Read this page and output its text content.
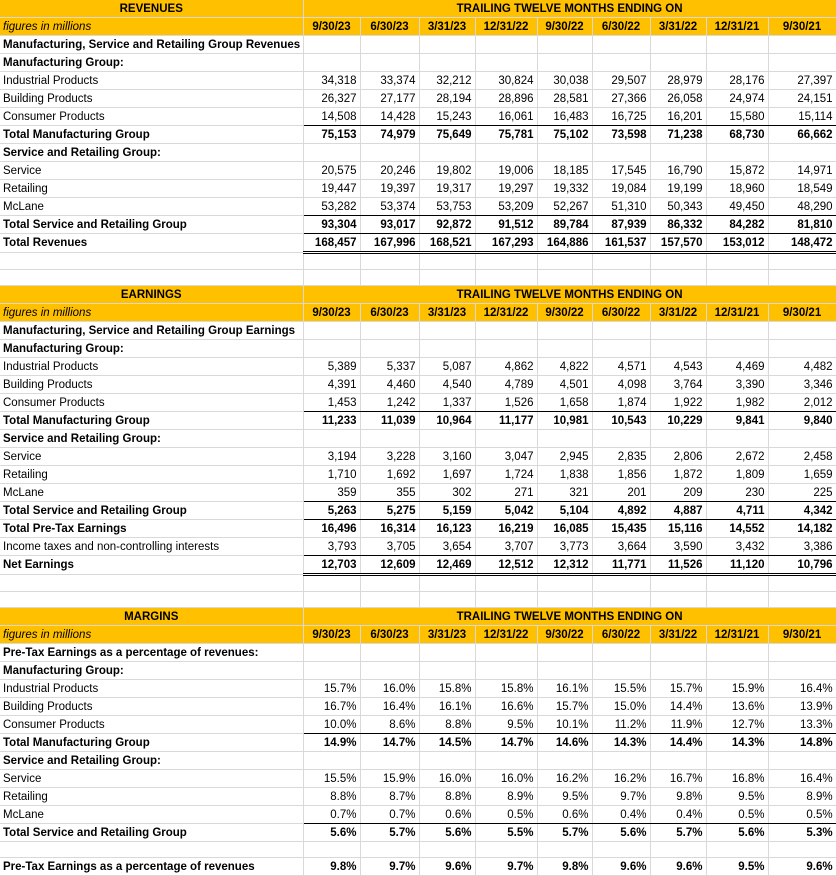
REVENUES	TRAILING TWELVE MONTHS ENDING ON								
figures in millions	9/30/23	6/30/23	3/31/23	12/31/22	9/30/22	6/30/22	3/31/22	12/31/21	9/30/21
Manufacturing, Service and Retailing Group Revenues									
Manufacturing Group:									
Industrial Products	34,318	33,374	32,212	30,824	30,038	29,507	28,979	28,176	27,397
Building Products	26,327	27,177	28,194	28,896	28,581	27,366	26,058	24,974	24,151
Consumer Products	14,508	14,428	15,243	16,061	16,483	16,725	16,201	15,580	15,114
Total Manufacturing Group	75,153	74,979	75,649	75,781	75,102	73,598	71,238	68,730	66,662
Service and Retailing Group:									
Service	20,575	20,246	19,802	19,006	18,185	17,545	16,790	15,872	14,971
Retailing	19,447	19,397	19,317	19,297	19,332	19,084	19,199	18,960	18,549
McLane	53,282	53,374	53,753	53,209	52,267	51,310	50,343	49,450	48,290
Total Service and Retailing Group	93,304	93,017	92,872	91,512	89,784	87,939	86,332	84,282	81,810
Total Revenues	168,457	167,996	168,521	167,293	164,886	161,537	157,570	153,012	148,472

EARNINGS	TRAILING TWELVE MONTHS ENDING ON								
figures in millions	9/30/23	6/30/23	3/31/23	12/31/22	9/30/22	6/30/22	3/31/22	12/31/21	9/30/21
Manufacturing, Service and Retailing Group Earnings									
Manufacturing Group:									
Industrial Products	5,389	5,337	5,087	4,862	4,822	4,571	4,543	4,469	4,482
Building Products	4,391	4,460	4,540	4,789	4,501	4,098	3,764	3,390	3,346
Consumer Products	1,453	1,242	1,337	1,526	1,658	1,874	1,922	1,982	2,012
Total Manufacturing Group	11,233	11,039	10,964	11,177	10,981	10,543	10,229	9,841	9,840
Service and Retailing Group:									
Service	3,194	3,228	3,160	3,047	2,945	2,835	2,806	2,672	2,458
Retailing	1,710	1,692	1,697	1,724	1,838	1,856	1,872	1,809	1,659
McLane	359	355	302	271	321	201	209	230	225
Total Service and Retailing Group	5,263	5,275	5,159	5,042	5,104	4,892	4,887	4,711	4,342
Total Pre-Tax Earnings	16,496	16,314	16,123	16,219	16,085	15,435	15,116	14,552	14,182
Income taxes and non-controlling interests	3,793	3,705	3,654	3,707	3,773	3,664	3,590	3,432	3,386
Net Earnings	12,703	12,609	12,469	12,512	12,312	11,771	11,526	11,120	10,796

MARGINS	TRAILING TWELVE MONTHS ENDING ON								
figures in millions	9/30/23	6/30/23	3/31/23	12/31/22	9/30/22	6/30/22	3/31/22	12/31/21	9/30/21
Pre-Tax Earnings as a percentage of revenues:									
Manufacturing Group:									
Industrial Products	15.7%	16.0%	15.8%	15.8%	16.1%	15.5%	15.7%	15.9%	16.4%
Building Products	16.7%	16.4%	16.1%	16.6%	15.7%	15.0%	14.4%	13.6%	13.9%
Consumer Products	10.0%	8.6%	8.8%	9.5%	10.1%	11.2%	11.9%	12.7%	13.3%
Total Manufacturing Group	14.9%	14.7%	14.5%	14.7%	14.6%	14.3%	14.4%	14.3%	14.8%
Service and Retailing Group:									
Service	15.5%	15.9%	16.0%	16.0%	16.2%	16.2%	16.7%	16.8%	16.4%
Retailing	8.8%	8.7%	8.8%	8.9%	9.5%	9.7%	9.8%	9.5%	8.9%
McLane	0.7%	0.7%	0.6%	0.5%	0.6%	0.4%	0.4%	0.5%	0.5%
Total Service and Retailing Group	5.6%	5.7%	5.6%	5.5%	5.7%	5.6%	5.7%	5.6%	5.3%

Pre-Tax Earnings as a percentage of revenues	9.8%	9.7%	9.6%	9.7%	9.8%	9.6%	9.6%	9.5%	9.6%
